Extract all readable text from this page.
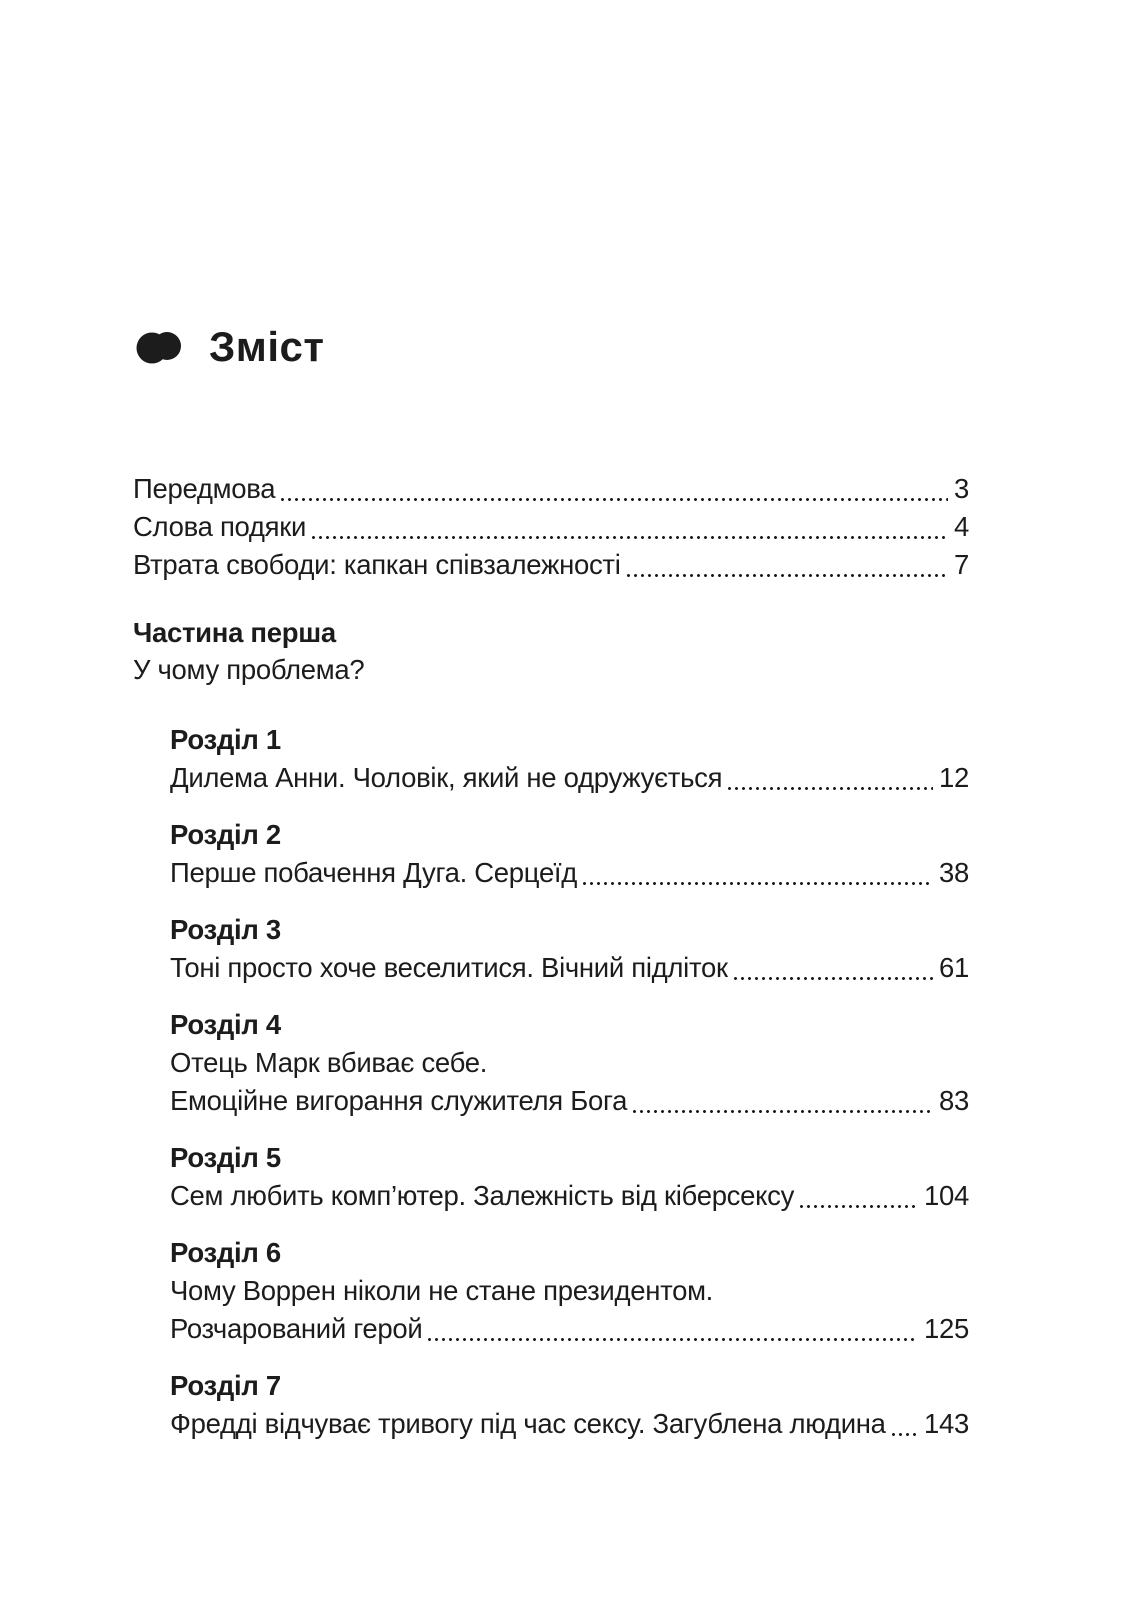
Зміст
Передмова	3
Слова подяки	4
Втрата свободи: капкан співзалежності	7
Частина перша
У чому проблема?
Розділ 1
Дилема Анни. Чоловік, який не одружується	12
Розділ 2
Перше побачення Дуга. Серцеїд	38
Розділ 3
Тоні просто хоче веселитися. Вічний підліток	61
Розділ 4
Отець Марк вбиває себе.
Емоційне вигорання служителя Бога	83
Розділ 5
Сем любить комп’ютер. Залежність від кіберсексу	104
Розділ 6
Чому Воррен ніколи не стане президентом.
Розчарований герой	125
Розділ 7
Фредді відчуває тривогу під час сексу. Загублена людина 143
